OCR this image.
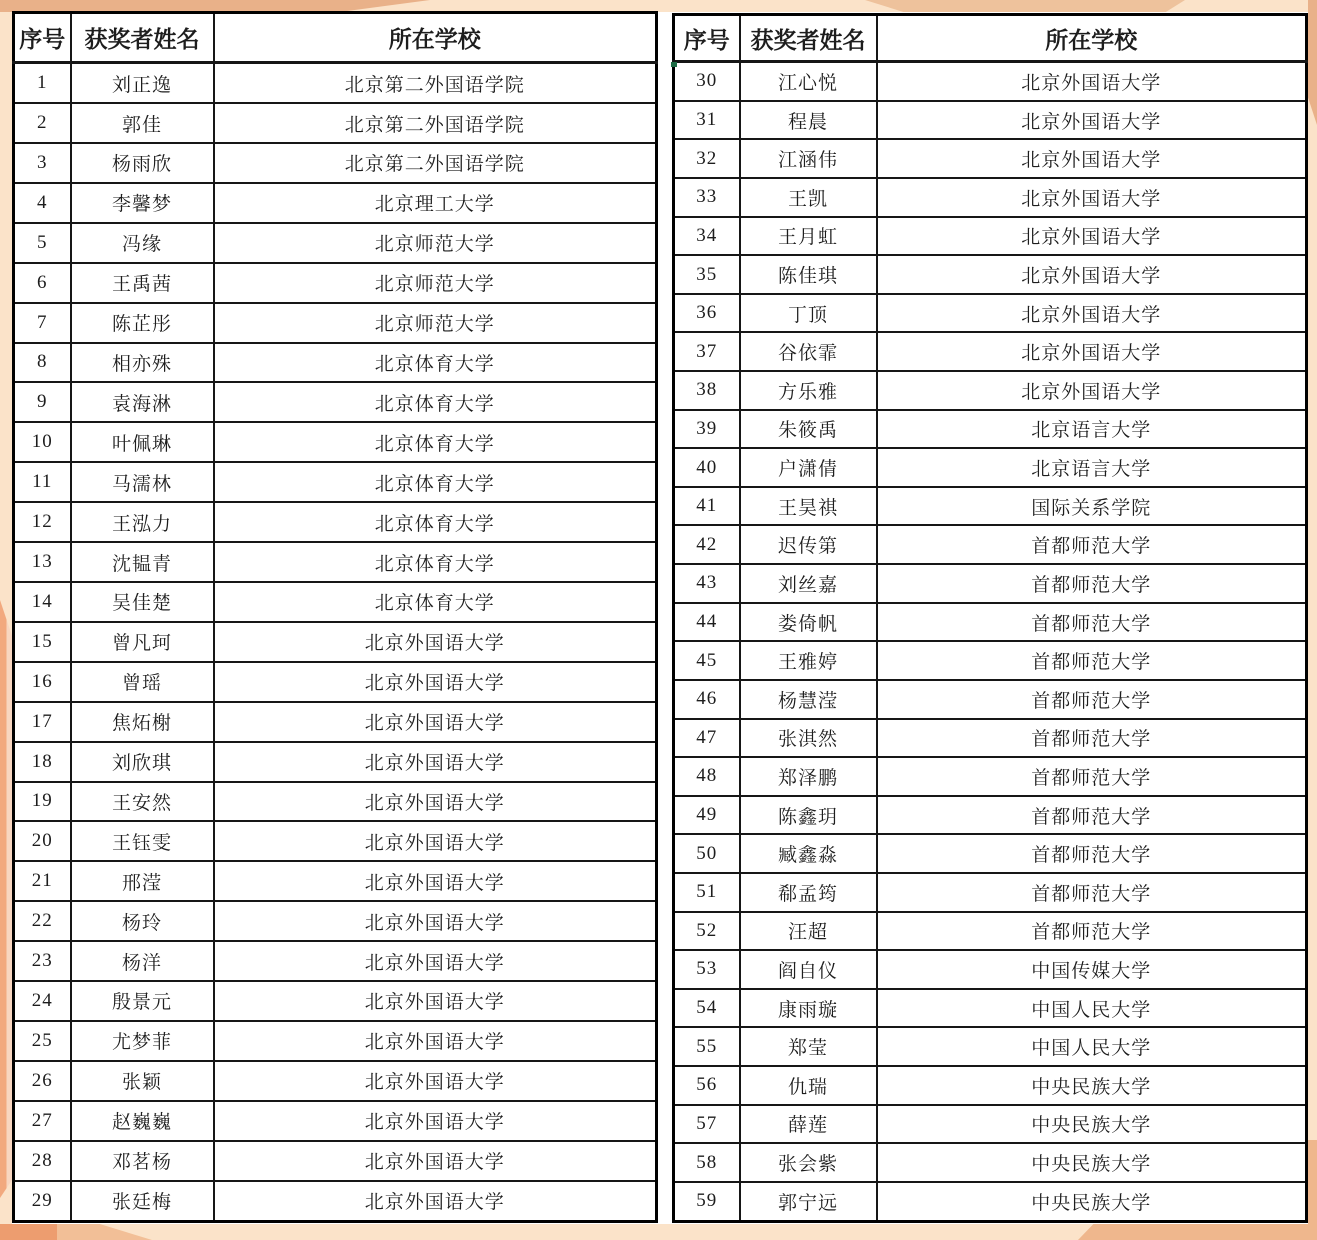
序号	获奖者姓名	所在学校
1	刘正逸	北京第二外国语学院
2	郭佳	北京第二外国语学院
3	杨雨欣	北京第二外国语学院
4	李馨梦	北京理工大学
5	冯缘	北京师范大学
6	王禹茜	北京师范大学
7	陈芷彤	北京师范大学
8	相亦殊	北京体育大学
9	袁海淋	北京体育大学
10	叶佩琳	北京体育大学
11	马濡林	北京体育大学
12	王泓力	北京体育大学
13	沈韫青	北京体育大学
14	吴佳楚	北京体育大学
15	曾凡珂	北京外国语大学
16	曾瑶	北京外国语大学
17	焦炻榭	北京外国语大学
18	刘欣琪	北京外国语大学
19	王安然	北京外国语大学
20	王钰雯	北京外国语大学
21	邢滢	北京外国语大学
22	杨玲	北京外国语大学
23	杨洋	北京外国语大学
24	殷景元	北京外国语大学
25	尤梦菲	北京外国语大学
26	张颖	北京外国语大学
27	赵巍巍	北京外国语大学
28	邓茗杨	北京外国语大学
29	张廷梅	北京外国语大学
序号	获奖者姓名	所在学校
30	江心悦	北京外国语大学
31	程晨	北京外国语大学
32	江涵伟	北京外国语大学
33	王凯	北京外国语大学
34	王月虹	北京外国语大学
35	陈佳琪	北京外国语大学
36	丁顶	北京外国语大学
37	谷依霏	北京外国语大学
38	方乐雅	北京外国语大学
39	朱筱禹	北京语言大学
40	户潇倩	北京语言大学
41	王昊祺	国际关系学院
42	迟传第	首都师范大学
43	刘丝嘉	首都师范大学
44	娄倚帆	首都师范大学
45	王雅婷	首都师范大学
46	杨慧滢	首都师范大学
47	张淇然	首都师范大学
48	郑泽鹏	首都师范大学
49	陈鑫玥	首都师范大学
50	臧鑫淼	首都师范大学
51	郗孟筠	首都师范大学
52	汪超	首都师范大学
53	阎自仪	中国传媒大学
54	康雨璇	中国人民大学
55	郑莹	中国人民大学
56	仇瑞	中央民族大学
57	薛莲	中央民族大学
58	张会紫	中央民族大学
59	郭宁远	中央民族大学
